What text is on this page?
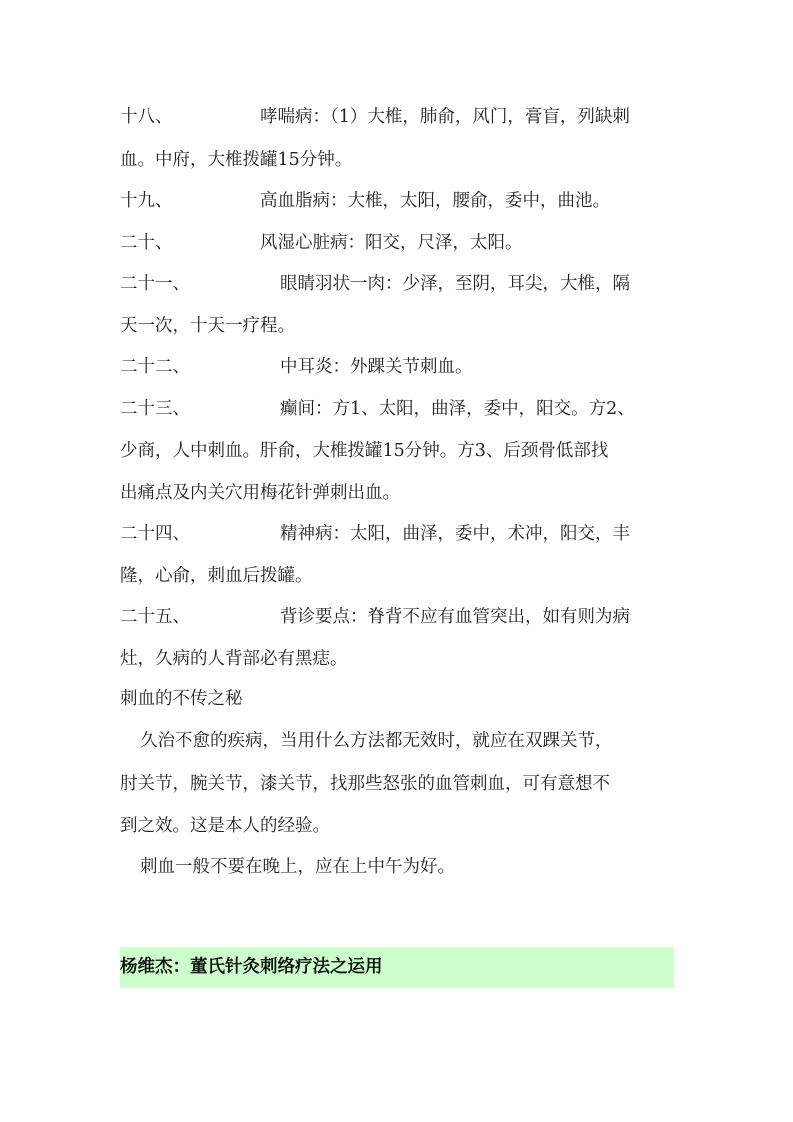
十八、	哮喘病：（1）大椎，肺俞，风门，膏盲，列缺刺
血。中府，大椎拨罐15分钟。
十九、	高血脂病：大椎，太阳，腰俞，委中，曲池。
二十、	风湿心脏病：阳交，尺泽，太阳。
二十一、	眼睛羽状一肉：少泽，至阴，耳尖，大椎，隔
天一次，十天一疗程。
二十二、	中耳炎：外踝关节刺血。
二十三、	癫间：方1、太阳，曲泽，委中，阳交。方2、
少商，人中刺血。肝俞，大椎拨罐15分钟。方3、后颈骨低部找
出痛点及内关穴用梅花针弹刺出血。
二十四、	精神病：太阳，曲泽，委中，术冲，阳交，丰
隆，心俞，刺血后拨罐。
二十五、	背诊要点：脊背不应有血管突出，如有则为病
灶，久病的人背部必有黑痣。
刺血的不传之秘
久治不愈的疾病，当用什么方法都无效时，就应在双踝关节，
肘关节，腕关节，漆关节，找那些怒张的血管刺血，可有意想不
到之效。这是本人的经验。
刺血一般不要在晚上，应在上中午为好。
杨维杰：董氏针灸刺络疗法之运用
